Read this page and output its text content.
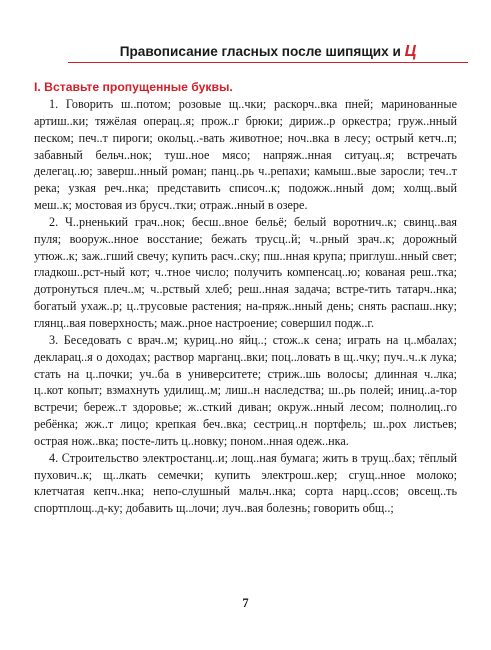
Правописание гласных после шипящих и Ц
I. Вставьте пропущенные буквы.

1. Говорить ш..потом; розовые щ..чки; раскорч..вка пней; маринованные артиш..ки; тяжёлая операц..я; прож..г брюки; дириж..р оркестра; груж..нный песком; печ..т пироги; окольц..-вать животное; ноч..вка в лесу; острый кетч..п; забавный бельч..нок; туш..ное мясо; напряж..нная ситуац..я; встречать делегац..ю; заверш..нный роман; панц..рь ч..репахи; камыш..вые заросли; теч..т река; узкая реч..нка; представить списоч..к; подожж..нный дом; холщ..вый меш..к; мостовая из брусч..тки; отраж..нный в озере.

2. Ч..рненький грач..нок; бесш..вное бельё; белый воротнич..к; свинц..вая пуля; вооруж..нное восстание; бежать трусц..й; ч..рный зрач..к; дорожный утюж..к; заж..гший свечу; купить расч..ску; пш..нная крупа; приглуш..нный свет; гладкош..рст-ный кот; ч..тное число; получить компенсац..ю; кованая реш..тка; дотронуться плеч..м; ч..рствый хлеб; реш..нная задача; встре-тить татарч..нка; богатый ухаж..р; ц..трусовые растения; на-пряж..нный день; снять распаш..нку; глянц..вая поверхность; маж..рное настроение; совершил подж..г.

3. Беседовать с врач..м; куриц..но яйц..; стож..к сена; играть на ц..мбалах; декларац..я о доходах; раствор марганц..вки; поц..ловать в щ..чку; пуч..ч..к лука; стать на ц..почки; уч..ба в университете; стриж..шь волосы; длинная ч..лка; ц..кот копыт; взмахнуть удилищ..м; лиш..н наследства; ш..рь полей; иниц..а-тор встречи; береж..т здоровье; ж..сткий диван; окруж..нный лесом; полнолиц..го ребёнка; жж..т лицо; крепкая беч..вка; сестриц..н портфель; ш..рох листьев; острая нож..вка; постe-лить ц..новку; поном..нная одеж..нка.

4. Строительство электростанц..и; лощ..ная бумага; жить в трущ..бах; тёплый пухович..к; щ..лкать семечки; купить электрош..кер; сгущ..нное молоко; клетчатая кепч..нка; непо-слушный мальч..нка; сорта нарц..ссов; овсещ..ть спортплощ..д-ку; добавить щ..лочи; луч..вая болезнь; говорить общ..;

7
